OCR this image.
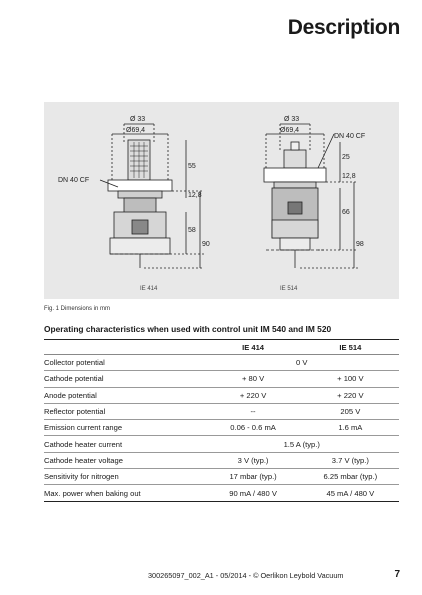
Description
Ø 33
Ø69,4
55
12,8
58
90
DN 40 CF
IE 414
Ø 33
Ø69,4
DN 40 CF
25
12,8
66
98
IE 514
Fig. 1 Dimensions in mm
Operating characteristics when used with control unit IM 540 and IM 520
	IE 414	IE 514
Collector potential	0 V	
Cathode potential	+ 80 V	+ 100 V
Anode potential	+ 220 V	+ 220 V
Reflector potential	--	205 V
Emission current range	0.06 - 0.6 mA	1.6 mA
Cathode heater current	1.5 A (typ.)	
Cathode heater voltage	3 V (typ.)	3.7 V (typ.)
Sensitivity for nitrogen	17 mbar (typ.)	6.25 mbar (typ.)
Max. power when baking out	90 mA / 480 V	45 mA / 480 V
300265097_002_A1 - 05/2014 - © Oerlikon Leybold Vacuum	7
